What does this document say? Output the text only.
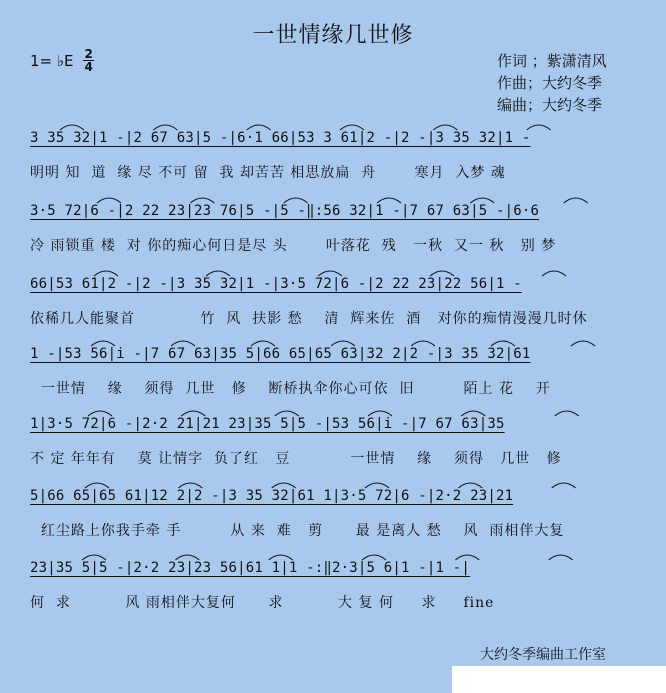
一世情缘几世修
1= ♭E $\frac{2}{4}$	作词 ；紫潇清风
作曲；大约冬季
编曲；大约冬季
3 35 32|1 -|2 67 63|5 -|6·1 66|53 3 61|2 -|2 -|3 35 32|1 -
明明 知  道  缘 尽 不可 留  我 却苦苦 相思放扁  舟       寒月  入梦 魂
3·5 72|6 -|2 22 23|23 76|5 -|5 -‖:56 32|1 -|7 67 63|5 -|6·6
冷 雨锁重 楼  对 你的痴心何日是尽 头       叶落花  残   一秋  又一 秋   别 梦
66|53 61|2 -|2 -|3 35 32|1 -|3·5 72|6 -|2 22 23|22 56|1 -
依稀几人能聚首            竹  风  扶影 愁    清  辉来佐  酒   对你的痴情漫漫几时休
1 -|53 56|i -|7 67 63|35 5|66 65|65 63|32 2|2 -|3 35 32|61
一世情    缘    须得  几世   修    断桥执伞你心可依  旧         陌上 花    开
1|3·5 72|6 -|2·2 21|21 23|35 5|5 -|53 56|i -|7 67 63|35
不 定 年年有    莫 让情字  负了红   豆           一世情    缘    须得   几世   修
5|66 65|65 61|12 2|2 -|3 35 32|61 1|3·5 72|6 -|2·2 23|21
红尘路上你我手牵 手         从 来  难   剪      最 是离人 愁    风  雨相伴大复
23|35 5|5 -|2·2 23|23 56|61 1|1 -:‖2·3|5 6|1 -|1 -|
何  求          风 雨相伴大复何      求          大 复 何     求     fine
大约冬季编曲工作室
